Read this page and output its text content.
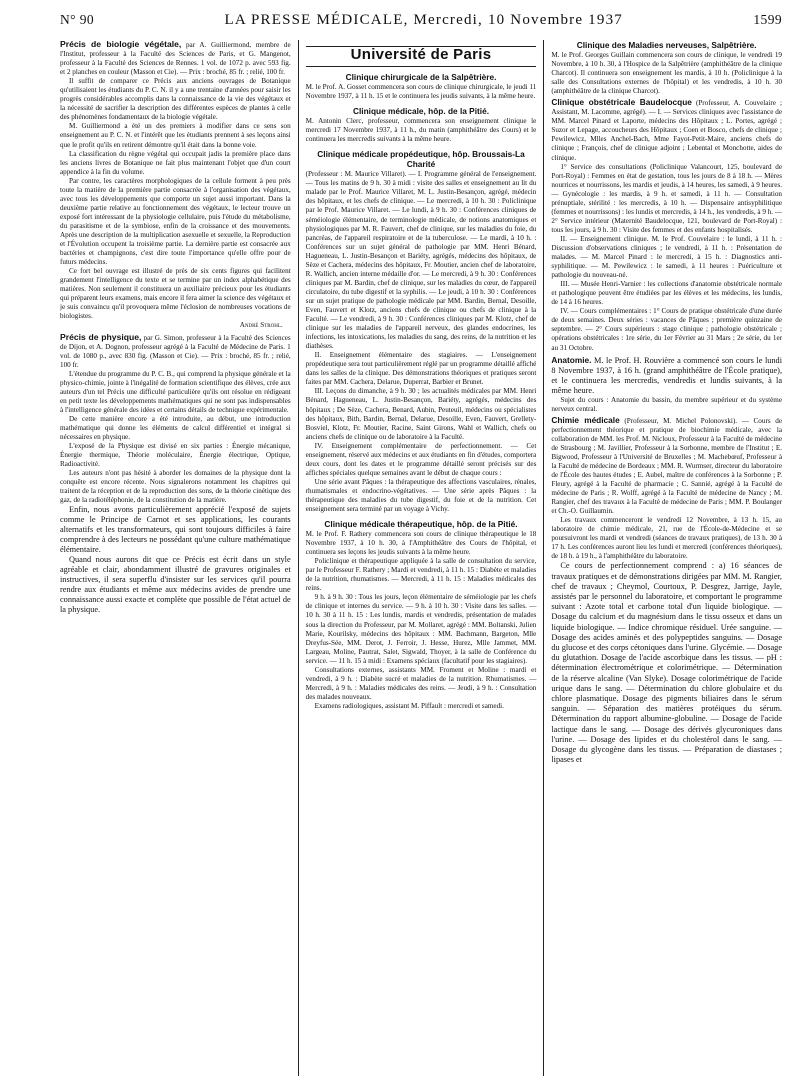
N° 90	LA PRESSE MÉDICALE, Mercredi, 10 Novembre 1937	1599

Précis de biologie végétale, par A. Guilliermond, membre de l'Institut, professeur à la Faculté des Sciences de Paris, et G. Mangenot, professeur à la Faculté des Sciences de Rennes. 1 vol. de 1072 p. avec 593 fig. et 2 planches en couleur (Masson et Cie). — Prix : broché, 85 fr. ; relié, 100 fr.

Il suffit de comparer ce Précis aux anciens ouvrages de Botanique qu'utilisaient les étudiants du P. C. N. il y a une trentaine d'années pour saisir les progrès considérables accomplis dans la connaissance de la vie des végétaux et la nécessité de sacrifier la description des différentes espèces de plantes à celle des phénomènes fondamentaux de la biologie végétale.

M. Guilliermond a été un des premiers à modifier dans ce sens son enseignement au P. C. N. et l'intérêt que les étudiants prennent à ses leçons ainsi que le profit qu'ils en retirent démontre qu'il était dans la bonne voie.

La classification du règne végétal qui occupait jadis la première place dans les anciens livres de Botanique ne fait plus maintenant l'objet que d'un court appendice à la fin du volume.

Par contre, les caractères morphologiques de la cellule forment à peu près toute la matière de la première partie consacrée à l'organisation des végétaux, avec tous les développements que comporte un sujet aussi important. Dans la deuxième partie relative au fonctionnement des végétaux, le lecteur trouve un exposé fort intéressant de la physiologie cellulaire, puis l'étude du métabolisme, du parasitisme et de la symbiose, enfin de la croissance et des mouvements. Après une description de la multiplication asexuelle et sexuelle, la Reproduction et l'Évolution occupent la troisième partie. La dernière partie est consacrée aux bactéries et champignons, c'est dire toute l'importance qu'elle offre pour de futurs médecins.

Ce fort bel ouvrage est illustré de près de six cents figures qui facilitent grandement l'intelligence du texte et se termine par un index alphabétique des matières. Non seulement il constituera un auxiliaire précieux pour les étudiants qui préparent leurs examens, mais encore il fera aimer la science des végétaux et je suis convaincu qu'il provoquera même l'éclosion de nombreuses vocations de biologistes.

André Strohl.

Précis de physique, par G. Simon, professeur à la Faculté des Sciences de Dijon, et A. Dognon, professeur agrégé à la Faculté de Médecine de Paris. 1 vol. de 1080 p., avec 830 fig. (Masson et Cie). — Prix : broché, 85 fr. ; relié, 100 fr.

L'étendue du programme du P. C. B., qui comprend la physique générale et la physico-chimie, jointe à l'inégalité de formation scientifique des élèves, crée aux auteurs d'un tel Précis une difficulté particulière qu'ils ont résolue en rédigeant en petit texte les développements mathématiques qui ne sont pas indispensables à l'intelligence générale des idées et certains détails de technique expérimentale.

De cette manière encore a été introduite, au début, une introduction mathématique qui donne les éléments de calcul différentiel et intégral si nécessaires en physique.

L'exposé de la Physique est divisé en six parties : Énergie mécanique, Énergie thermique, Théorie moléculaire, Énergie électrique, Optique, Radioactivité.

Les auteurs n'ont pas hésité à aborder les domaines de la physique dont la conquête est encore récente. Nous signalerons notamment les chapitres qui traitent de la réception et de la reproduction des sons, de la théorie cinétique des gaz, de la radiotéléphonie, de la constitution de la matière.

Enfin, nous avons particulièrement apprécié l'exposé de sujets comme le Principe de Carnot et ses applications, les courants alternatifs et les transformateurs, qui sont toujours difficiles à faire comprendre à des lecteurs ne possédant qu'une culture mathématique élémentaire.

Quand nous aurons dit que ce Précis est écrit dans un style agréable et clair, abondamment illustré de gravures originales et instructives, il sera superflu d'insister sur les services qu'il pourra rendre aux étudiants et même aux médecins avides de prendre une connaissance aussi exacte et complète que possible de l'état actuel de la physique.

Université de Paris
Clinique chirurgicale de la Salpêtrière.

M. le Prof. A. Gosset commencera son cours de clinique chirurgicale, le jeudi 11 Novembre 1937, à 11 h. 15 et le continuera les jeudis suivants, à la même heure.

Clinique médicale, hôp. de la Pitié.

M. Antonin Clerc, professeur, commencera son enseignement clinique le mercredi 17 Novembre 1937, à 11 h., du matin (amphithéâtre des Cours) et le continuera les mercredis suivants à la même heure.

Clinique médicale propédeutique, hôp. Broussais-La Charité

(Professeur : M. Maurice Villaret). — I. Programme général de l'enseignement. — Tous les matins de 9 h. 30 à midi : visite des salles et enseignement au lit du malade par le Prof. Maurice Villaret, M. L. Justin-Besançon, agrégé, médecin des hôpitaux, et les chefs de clinique. — Le mercredi, à 10 h. 30 : Policlinique par le Prof. Maurice Villaret. — Le lundi, à 9 h. 30 : Conférences cliniques de séméiologie élémentaire, de terminologie médicale, de notions anatomiques et physiologiques par M. R. Fauvert, chef de clinique, sur les maladies du foie, du pancréas, de l'appareil respiratoire et de la tuberculose. — Le mardi, à 10 h. : Conférences sur un sujet général de pathologie par MM. Henri Bénard, Hagueneau, L. Justin-Besançon et Bariéty, agrégés, médecins des hôpitaux, de Sèze et Cachera, médecins des hôpitaux, Fr. Moutier, ancien chef de laboratoire, R. Wallich, ancien interne médaille d'or. — Le mercredi, à 9 h. 30 : Conférences cliniques par M. Bardin, chef de clinique, sur les maladies du cœur, de l'appareil circulatoire, du tube digestif et la syphilis. — Le jeudi, à 10 h. 30 : Conférences sur un sujet pratique de pathologie médicale par MM. Bardin, Bernal, Desoille, Even, Fauvert et Klotz, anciens chefs de clinique ou chefs de clinique à la Faculté. — Le vendredi, à 9 h. 30 : Conférences cliniques par M. Klotz, chef de clinique sur les maladies de l'appareil nerveux, des glandes endocrines, les infections, les intoxications, les maladies du sang, des reins, de la nutrition et les diathèses.

II. Enseignement élémentaire des stagiaires. — L'enseignement propédeutique sera tout particulièrement réglé par un programme détaillé affiché dans les salles de la clinique. Des démonstrations théoriques et pratiques seront faites par MM. Cachera, Delarue, Duperrat, Barbier et Brunet.

III. Leçons du dimanche, à 9 h. 30 ; les actualités médicales par MM. Henri Bénard, Hagueneau, L. Justin-Besançon, Bariéty, agrégés, médecins des hôpitaux ; De Sèze, Cachera, Benard, Aubin, Peuteuil, médecins ou spécialistes des hôpitaux, Bith, Bardin, Bernal, Delarue, Desoille, Even, Fauvert, Grellety-Bosviel, Klotz, Fr. Moutier, Racine, Saint Girons, Wahl et Wallich, chefs ou anciens chefs de clinique ou de laboratoire à la Faculté.

IV. Enseignement complémentaire de perfectionnement. — Cet enseignement, réservé aux médecins et aux étudiants en fin d'études, comportera deux cours, dont les dates et le programme détaillé seront précisés sur des affiches spéciales quelque semaines avant le début de chaque cours :

Une série avant Pâques : la thérapeutique des affections vasculaires, rénales, rhumatismales et endocrino-végétatives. — Une série après Pâques : la thérapeutique des maladies du tube digestif, du foie et de la nutrition. Cet enseignement sera terminé par un voyage à Vichy.

Clinique médicale thérapeutique, hôp. de la Pitié.

M. le Prof. F. Rathery commencera son cours de clinique thérapeutique le 18 Novembre 1937, à 10 h. 30, à l'Amphithéâtre des Cours de l'hôpital, et continuera ses leçons les jeudis suivants à la même heure.

Policlinique et thérapeutique appliquée à la salle de consultation du service, par le Professeur F. Rathery ; Mardi et vendredi, à 11 h. 15 : Diabète et maladies de la nutrition, rhumatismes. — Mercredi, à 11 h. 15 : Maladies médicales des reins.

9 h. à 9 h. 30 : Tous les jours, leçon élémentaire de séméiologie par les chefs de clinique et internes du service. — 9 h. à 10 h. 30 : Visite dans les salles. — 10 h. 30 à 11 h. 15 : Les lundis, mardis et vendredis, présentation de malades sous la direction du Professeur, par M. Mollaret, agrégé : MM. Boltanski, Julien Marie, Kourilsky, médecins des hôpitaux : MM. Bachmann, Bargeton, Mlle Dreyfus-Sée, MM. Derot, J. Ferroir, J. Hesse, Hurez, Mlle Jammet, MM. Largeau, Moline, Pautrat, Salet, Sigwald, Thoyer, à la salle de Conférence du service. — 11 h. 15 à midi : Examens spéciaux (facultatif pour les stagiaires).

Consultations externes, assistants MM. Froment et Moline : mardi et vendredi, à 9 h. : Diabète sucré et maladies de la nutrition. Rhumatismes. — Mercredi, à 9 h. : Maladies médicales des reins. — Jeudi, à 9 h. : Consultation des malades nouveaux.

Examens radiologiques, assistant M. Piffault : mercredi et samedi.

Clinique des Maladies nerveuses, Salpêtrière.

M. le Prof. Georges Guillain commencera son cours de clinique, le vendredi 19 Novembre, à 10 h. 30, à l'Hospice de la Salpêtrière (amphithéâtre de la clinique Charcot). Il continuera son enseignement les mardis, à 10 h. (Policlinique à la salle des Consultations externes de l'hôpital) et les vendredis, à 10 h. 30 (amphithéâtre de la clinique Charcot).

Clinique obstétricale Baudelocque (Professeur, A. Couvelaire ; Assistant, M. Lacomme, agrégé). — I. — Services cliniques avec l'assistance de MM. Marcel Pinard et Laporte, médecins des Hôpitaux ; L. Portes, agrégé ; Suzor et Lepage, accoucheurs des Hôpitaux ; Coen et Bosco, chefs de clinique ; Pewilewicz, Mlles Anchel-Bach, Mme Fayot-Petit-Maire, anciens chefs de clinique ; François, chef de clinique adjoint ; Lebental et Monchotte, aides de clinique.

1° Service des consultations (Policlinique Valancourt, 125, boulevard de Port-Royal) : Femmes en état de gestation, tous les jours de 8 à 18 h. — Mères nourrices et nourrissons, les mardis et jeudis, à 14 heures, les samedi, à 9 heures. — Gynécologie : les mardis, à 9 h. et samedi, à 11 h. — Consultation prénuptiale, stérilité : les mercredis, à 10 h. — Dispensaire antisyphilitique (femmes et nourrissons) : les lundis et mercredis, à 14 h., les vendredis, à 9 h. — 2° Service intérieur (Maternité Baudelocque, 121, boulevard de Port-Royal) : tous les jours, à 9 h. 30 : Visite des femmes et des enfants hospitalisés.

II. — Enseignement clinique. M. le Prof. Couvelaire : le lundi, à 11 h. : Discussion d'observations cliniques ; le vendredi, à 11 h. : Présentation de malades. — M. Marcel Pinard : le mercredi, à 15 h. : Diagnostics anti-syphilitique. — M. Pewilewicz : le samedi, à 11 heures : Puériculture et pathologie du nouveau-né.

III. — Musée Henri-Varnier : les collections d'anatomie obstétricale normale et pathologique peuvent être étudiées par les élèves et les médecins, les lundis, de 14 à 16 heures.

IV. — Cours complémentaires : 1° Cours de pratique obstétricale d'une durée de deux semaines. Deux séries : vacances de Pâques ; première quinzaine de septembre. — 2° Cours supérieurs : stage clinique ; pathologie obstétricale ; opérations obstétricales : 1re série, du 1er Février au 31 Mars ; 2e série, du 1er au 31 Octobre.

Anatomie. M. le Prof. H. Rouvière a commencé son cours le lundi 8 Novembre 1937, à 16 h. (grand amphithéâtre de l'École pratique), et le continuera les mercredis, vendredis et lundis suivants, à la même heure.

Sujet du cours : Anatomie du bassin, du membre supérieur et du système nerveux central.

Chimie médicale (Professeur, M. Michel Polonovski). — Cours de perfectionnement théorique et pratique de biochimie médicale, avec la collaboration de MM. les Prof. M. Nicloux, Professeur à la Faculté de médecine de Strasbourg ; M. Javillier, Professeur à la Sorbonne, membre de l'Institut ; E. Bigwood, Professeur à l'Université de Bruxelles ; M. Machebœuf, Professeur à la Faculté de médecine de Bordeaux ; MM. R. Wurmser, directeur du laboratoire de l'École des hautes études ; E. Aubel, maître de conférences à la Sorbonne ; P. Fleury, agrégé à la Faculté de pharmacie ; C. Sannié, agrégé à la Faculté de médecine de Paris ; R. Wolff, agrégé à la Faculté de médecine de Nancy ; M. Rangier, chef des travaux à la Faculté de médecine de Paris ; MM. P. Boulanger et Ch.-O. Guillaumin.

Les travaux commenceront le vendredi 12 Novembre, à 13 h. 15, au laboratoire de chimie médicale, 21, rue de l'École-de-Médecine et se poursuivront les mardi et vendredi (séances de travaux pratiques), de 13 h. 30 à 17 h. Les conférences auront lieu les lundi et mercredi (conférences théoriques), de 18 h. à 19 h., à l'amphithéâtre du laboratoire.

Ce cours de perfectionnement comprend : a) 16 séances de travaux pratiques et de démonstrations dirigées par MM. M. Rangier, chef de travaux ; Cheymol, Courtoux, P. Desgrez, Jarrige, Jayle, assistés par le personnel du laboratoire, et comportant le programme suivant : Azote total et carbone total d'un liquide biologique. — Dosage du calcium et du magnésium dans le tissu osseux et dans un liquide biologique. — Indice chromique résiduel. Urée sanguine. — Dosage des acides aminés et des polypeptides sanguins. — Dosage du glucose et des corps cétoniques dans l'urine. Glycémie. — Dosage du glutathion. Dosage de l'acide ascorbique dans les tissus. — pH : détermination électrométrique et colorimétrique. — Détermination de la réserve alcaline (Van Slyke). Dosage colorimétrique de l'acide urique dans le sang. — Détermination du chlore globulaire et du chlore plasmatique. Dosage des pigments biliaires dans le sérum sanguin. — Séparation des matières protéiques du sérum. Détermination du rapport albumine-globuline. — Dosage de l'acide lactique dans le sang. — Dosage des dérivés glycuroniques dans l'urine. — Dosage des lipides et du cholestérol dans le sang. — Dosage du glycogène dans les tissus. — Préparation de diastases ; lipases et
